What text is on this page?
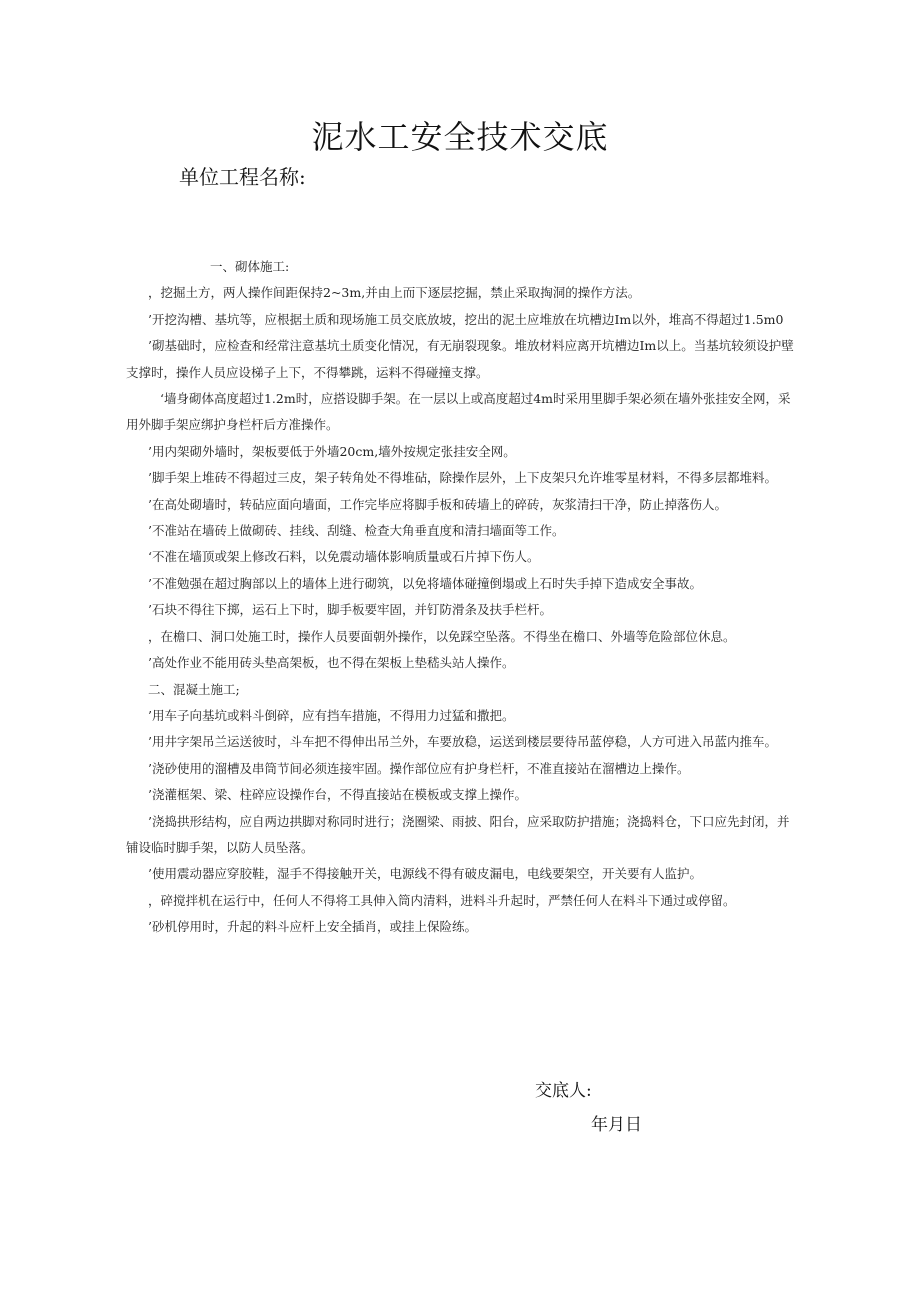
泥水工安全技术交底
单位工程名称:

一、砌体施工:

，挖掘土方，两人操作间距保持2~3m,并由上而下逐层挖掘，禁止采取掏洞的操作方法。

’开挖沟槽、基坑等，应根据土质和现场施工员交底放坡，挖出的泥土应堆放在坑槽边Im以外，堆高不得超过1.5m0

’砌基础时，应检查和经常注意基坑土质变化情况，有无崩裂现象。堆放材料应离开坑槽边Im以上。当基坑较须设护壁支撑时，操作人员应设梯子上下，不得攀跳，运料不得碰撞支撑。

‘墙身砌体高度超过1.2m时，应搭设脚手架。在一层以上或高度超过4m时采用里脚手架必须在墙外张挂安全网，采用外脚手架应绑护身栏杆后方准操作。

’用内架砌外墙时，架板要低于外墙20cm,墙外按规定张挂安全网。

’脚手架上堆砖不得超过三皮，架子转角处不得堆砧，除操作层外，上下皮架只允许堆零星材料，不得多层都堆料。

’在高处砌墙时，转砧应面向墙面，工作完毕应将脚手板和砖墙上的碎砖，灰浆清扫干净，防止掉落伤人。

’不准站在墙砖上做砌砖、挂线、刮缝、检查大角垂直度和清扫墙面等工作。

‘不准在墙顶或架上修改石料，以免震动墙体影响质量或石片掉下伤人。

’不准勉强在超过胸部以上的墙体上进行砌筑，以免将墙体碰撞倒塌或上石时失手掉下造成安全事故。

’石块不得往下掷，运石上下时，脚手板要牢固，并钉防滑条及扶手栏杆。

，在檐口、洞口处施工时，操作人员要面朝外操作，以免踩空坠落。不得坐在檐口、外墙等危险部位休息。

’高处作业不能用砖头垫高架板，也不得在架板上垫嵇头站人操作。

二、混凝土施工;

’用车子向基坑或料斗倒碎，应有挡车措施，不得用力过猛和撒把。

’用井字架吊兰运送彼时，斗车把不得伸出吊兰外，车要放稳，运送到楼层要待吊蓝停稳，人方可进入吊蓝内推车。

’浇砂使用的溜槽及串筒节间必须连接牢固。操作部位应有护身栏杆，不准直接站在溜槽边上操作。

’浇灌框架、梁、柱碎应设操作台，不得直接站在模板或支撑上操作。

’浇捣拱形结构，应自两边拱脚对称同时进行；浇圈梁、雨披、阳台，应采取防护措施；浇捣料仓，下口应先封闭，并铺设临时脚手架，以防人员坠落。

’使用震动器应穿胶鞋，湿手不得接触开关，电源线不得有破皮漏电，电线要架空，开关要有人监护。

，碎搅拌机在运行中，任何人不得将工具伸入筒内清料，进料斗升起时，严禁任何人在料斗下通过或停留。

’砂机停用时，升起的料斗应杆上安全插肖，或挂上保险练。

交底人:
年月日
